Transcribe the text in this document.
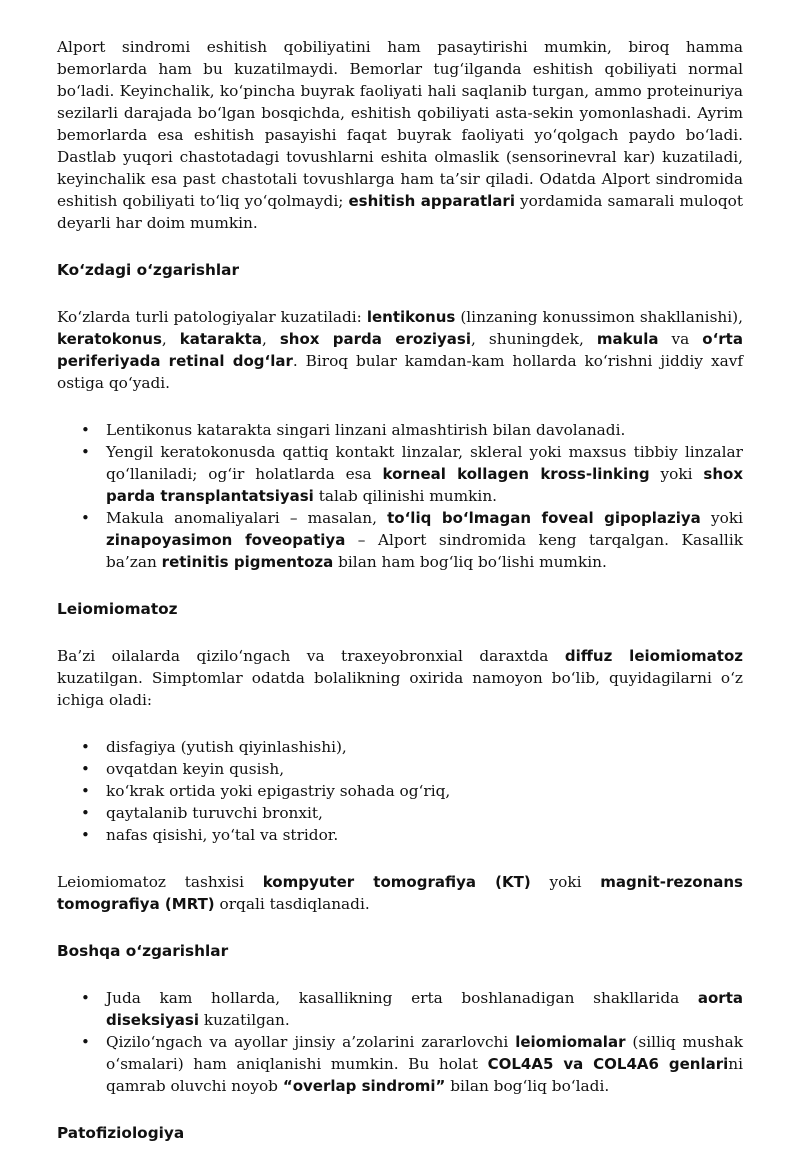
Alport sindromi eshitish qobiliyatini ham pasaytirishi mumkin, biroq hamma bemorlarda ham bu kuzatilmaydi. Bemorlar tug‘ilganda eshitish qobiliyati normal bo‘ladi. Keyinchalik, ko‘pincha buyrak faoliyati hali saqlanib turgan, ammo proteinuriya sezilarli darajada bo‘lgan bosqichda, eshitish qobiliyati asta-sekin yomonlashadi. Ayrim bemorlarda esa eshitish pasayishi faqat buyrak faoliyati yo‘qolgach paydo bo‘ladi. Dastlab yuqori chastotadagi tovushlarni eshita olmaslik (sensorinevral kar) kuzatiladi, keyinchalik esa past chastotali tovushlarga ham ta’sir qiladi. Odatda Alport sindromida eshitish qobiliyati to‘liq yo‘qolmaydi; eshitish apparatlari yordamida samarali muloqot deyarli har doim mumkin.

Ko‘zdagi o‘zgarishlar

Ko‘zlarda turli patologiyalar kuzatiladi: lentikonus (linzaning konussimon shakllanishi), keratokonus, katarakta, shox parda eroziyasi, shuningdek, makula va o‘rta periferiyada retinal dog‘lar. Biroq bular kamdan-kam hollarda ko‘rishni jiddiy xavf ostiga qo‘yadi.

• Lentikonus katarakta singari linzani almashtirish bilan davolanadi.
• Yengil keratokonusda qattiq kontakt linzalar, skleral yoki maxsus tibbiy linzalar qo‘llaniladi; og‘ir holatlarda esa korneal kollagen kross-linking yoki shox parda transplantatsiyasi talab qilinishi mumkin.
• Makula anomaliyalari – masalan, to‘liq bo‘lmagan foveal gipoplaziya yoki zinapoyasimon foveopatiya – Alport sindromida keng tarqalgan. Kasallik ba’zan retinitis pigmentoza bilan ham bog‘liq bo‘lishi mumkin.
Leiomiomatoz

Ba’zi oilalarda qizilo‘ngach va traxeyobronxial daraxtda diffuz leiomiomatoz kuzatilgan. Simptomlar odatda bolalikning oxirida namoyon bo‘lib, quyidagilarni o‘z ichiga oladi:

• disfagiya (yutish qiyinlashishi),
• ovqatdan keyin qusish,
• ko‘krak ortida yoki epigastriy sohada og‘riq,
• qaytalanib turuvchi bronxit,
• nafas qisishi, yo‘tal va stridor.

Leiomiomatoz tashxisi kompyuter tomografiya (KT) yoki magnit-rezonans tomografiya (MRT) orqali tasdiqlanadi.

Boshqa o‘zgarishlar
• Juda kam hollarda, kasallikning erta boshlanadigan shakllarida aorta diseksiyasi kuzatilgan.
• Qizilo‘ngach va ayollar jinsiy a’zolarini zararlovchi leiomiomalar (silliq mushak o‘smalari) ham aniqlanishi mumkin. Bu holat COL4A5 va COL4A6 genlarini qamrab oluvchi noyob “overlap sindromi” bilan bog‘liq bo‘ladi.
Patofiziologiya
